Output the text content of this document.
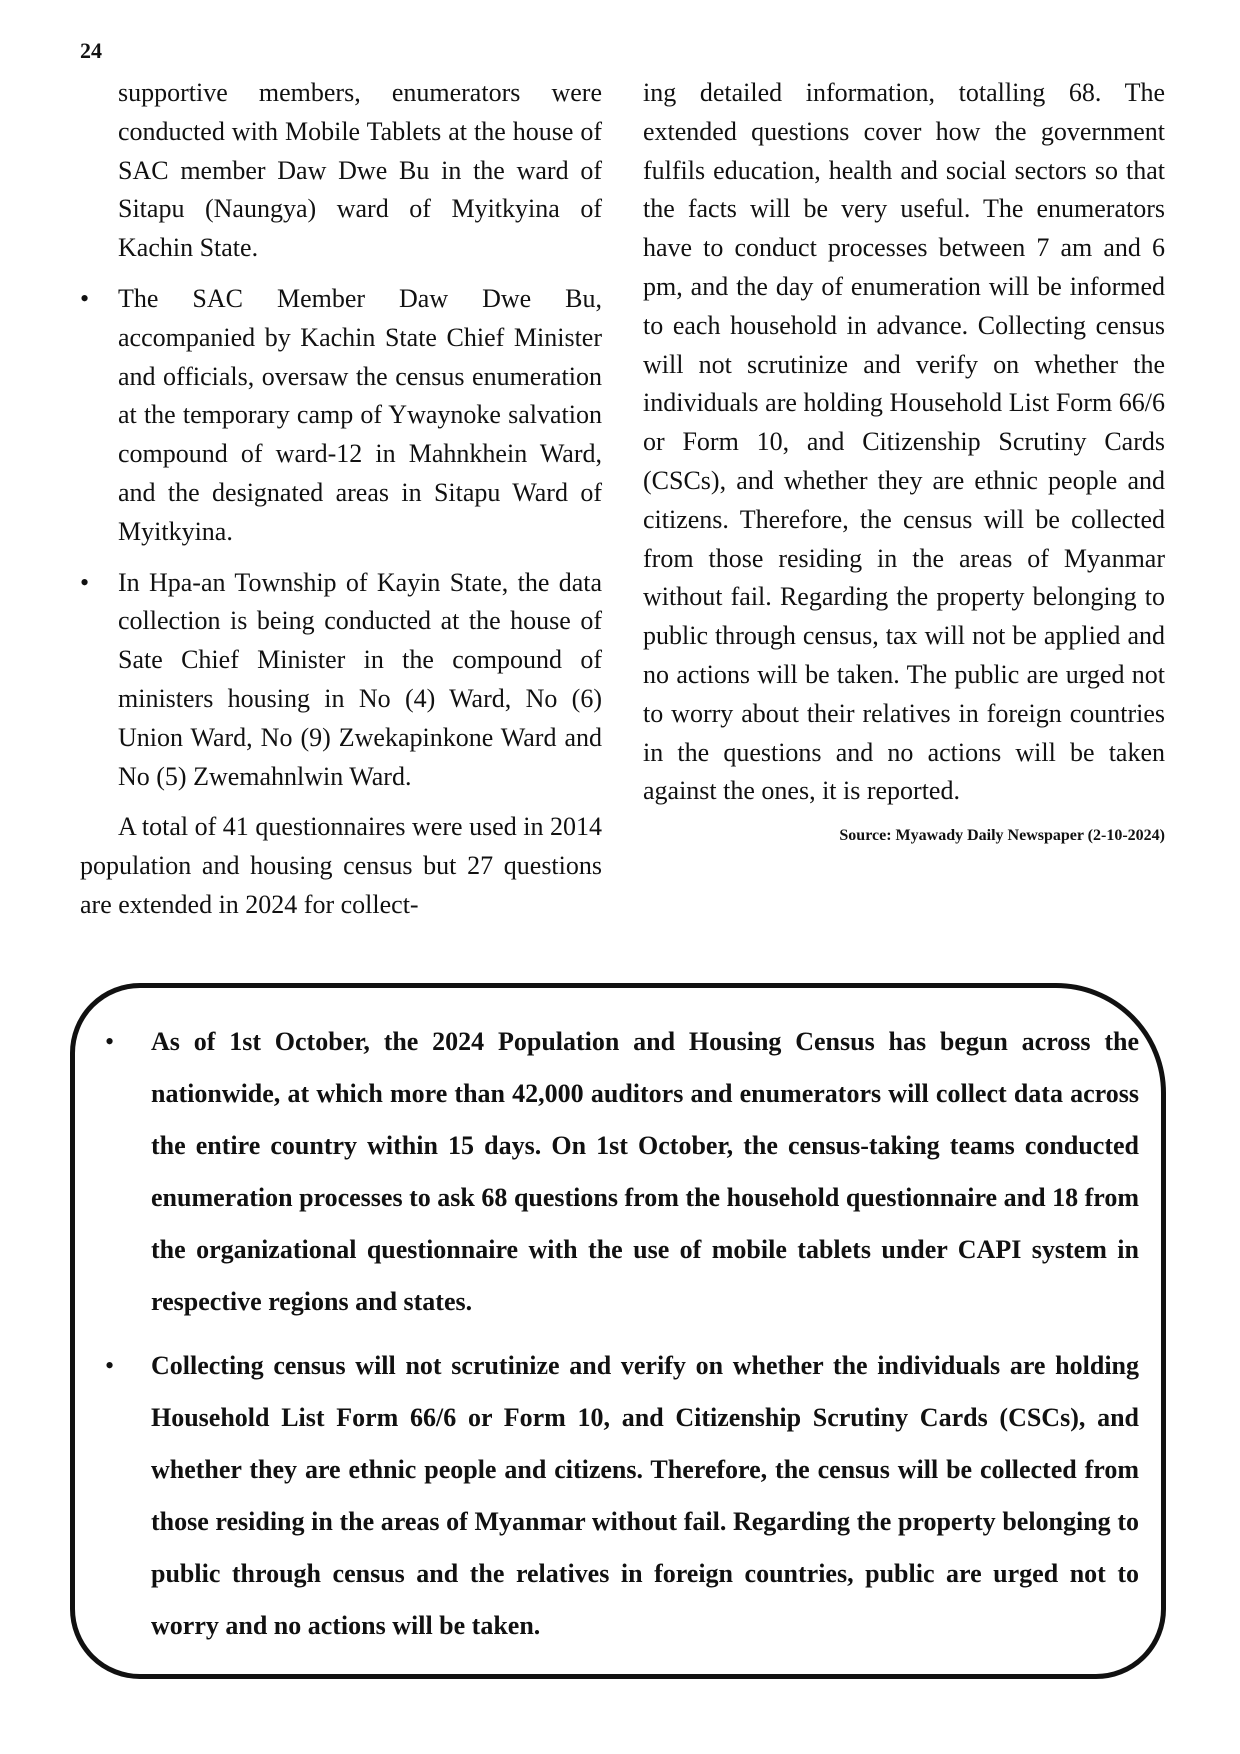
24

supportive members, enumerators were conducted with Mobile Tablets at the house of SAC member Daw Dwe Bu in the ward of Sitapu (Naungya) ward of Myitkyina of Kachin State.

• The SAC Member Daw Dwe Bu, accompanied by Kachin State Chief Minister and officials, oversaw the census enumeration at the temporary camp of Ywaynoke salvation compound of ward-12 in Mahnkhein Ward, and the designated areas in Sitapu Ward of Myitkyina.
• In Hpa-an Township of Kayin State, the data collection is being conducted at the house of Sate Chief Minister in the compound of ministers housing in No (4) Ward, No (6) Union Ward, No (9) Zwekapinkone Ward and No (5) Zwemahnlwin Ward.

A total of 41 questionnaires were used in 2014 population and housing census but 27 questions are extended in 2024 for collect-

ing detailed information, totalling 68. The extended questions cover how the government fulfils education, health and social sectors so that the facts will be very useful. The enumerators have to conduct processes between 7 am and 6 pm, and the day of enumeration will be informed to each household in advance. Collecting census will not scrutinize and verify on whether the individuals are holding Household List Form 66/6 or Form 10, and Citizenship Scrutiny Cards (CSCs), and whether they are ethnic people and citizens. Therefore, the census will be collected from those residing in the areas of Myanmar without fail. Regarding the property belonging to public through census, tax will not be applied and no actions will be taken. The public are urged not to worry about their relatives in foreign countries in the questions and no actions will be taken against the ones, it is reported.

Source: Myawady Daily Newspaper (2-10-2024)

• As of 1st October, the 2024 Population and Housing Census has begun across the nationwide, at which more than 42,000 auditors and enumerators will collect data across the entire country within 15 days. On 1st October, the census-taking teams conducted enumeration processes to ask 68 questions from the household questionnaire and 18 from the organizational questionnaire with the use of mobile tablets under CAPI system in respective regions and states.
• Collecting census will not scrutinize and verify on whether the individuals are holding Household List Form 66/6 or Form 10, and Citizenship Scrutiny Cards (CSCs), and whether they are ethnic people and citizens. Therefore, the census will be collected from those residing in the areas of Myanmar without fail. Regarding the property belonging to public through census and the relatives in foreign countries, public are urged not to worry and no actions will be taken.
